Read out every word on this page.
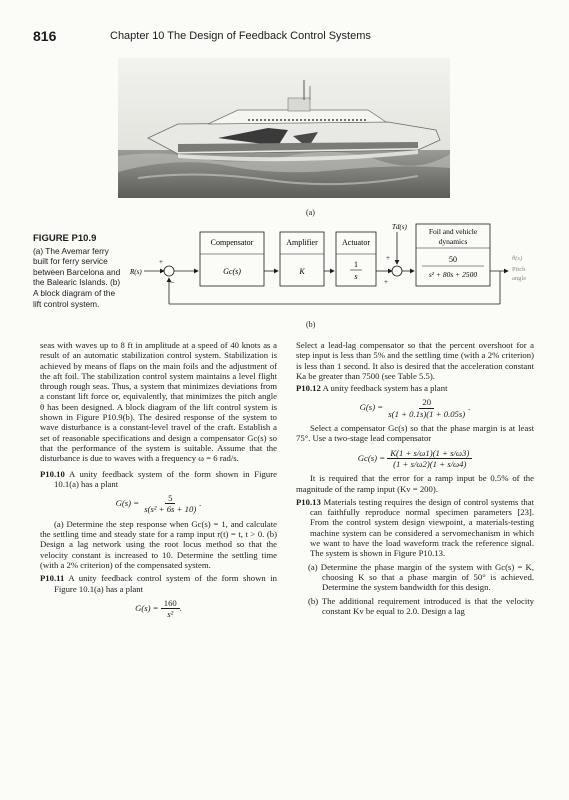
816	Chapter 10 The Design of Feedback Control Systems
(a)
FIGURE P10.9
(a) The Avemar ferry built for ferry service between Barcelona and the Balearic Islands. (b) A block diagram of the lift control system.
R(s)
+
−
Compensator
Gc(s)
Amplifier
K
Actuator
1
s
+
Td(s)
+
Foil and vehicle
dynamics
50
s² + 80s + 2500
θ(s)
Pitch
angle
(b)

seas with waves up to 8 ft in amplitude at a speed of 40 knots as a result of an automatic stabilization control system. Stabilization is achieved by means of flaps on the main foils and the adjustment of the aft foil. The stabilization control system maintains a level flight through rough seas. Thus, a system that minimizes deviations from a constant lift force or, equivalently, that minimizes the pitch angle θ has been designed. A block diagram of the lift control system is shown in Figure P10.9(b). The desired response of the system to wave disturbance is a constant-level travel of the craft. Establish a set of reasonable specifications and design a compensator Gc(s) so that the performance of the system is suitable. Assume that the disturbance is due to waves with a frequency ω = 6 rad/s.

P10.10 A unity feedback system of the form shown in Figure 10.1(a) has a plant

$G(s) = \frac{5}{\text{s(s² + 6s + 10)}}$ .

(a) Determine the step response when Gc(s) = 1, and calculate the settling time and steady state for a ramp input r(t) = t, t > 0. (b) Design a lag network using the root locus method so that the velocity constant is increased to 10. Determine the settling time (with a 2% criterion) of the compensated system.

P10.11 A unity feedback control system of the form shown in Figure 10.1(a) has a plant

$G(s) = \frac{160}{\text{s²}}$ .

Select a lead-lag compensator so that the percent overshoot for a step input is less than 5% and the settling time (with a 2% criterion) is less than 1 second. It also is desired that the acceleration constant Ka be greater than 7500 (see Table 5.5).

P10.12 A unity feedback system has a plant

$G(s) = \frac{20}{s(1 + 0.1s)(1 + 0.05s)}$ .

Select a compensator Gc(s) so that the phase margin is at least 75°. Use a two-stage lead compensator

$Gc(s) = \frac{K(1 + s/\omega 1)(1 + s/\omega 3)}{(1 + s/\omega 2)(1 + s/\omega 4)}$

It is required that the error for a ramp input be 0.5% of the magnitude of the ramp input (Kv = 200).

P10.13 Materials testing requires the design of control systems that can faithfully reproduce normal specimen parameters [23]. From the control system design viewpoint, a materials-testing machine system can be considered a servomechanism in which we want to have the load waveform track the reference signal. The system is shown in Figure P10.13.

(a) Determine the phase margin of the system with Gc(s) = K, choosing K so that a phase margin of 50° is achieved. Determine the system bandwidth for this design.

(b) The additional requirement introduced is that the velocity constant Kv be equal to 2.0. Design a lag
